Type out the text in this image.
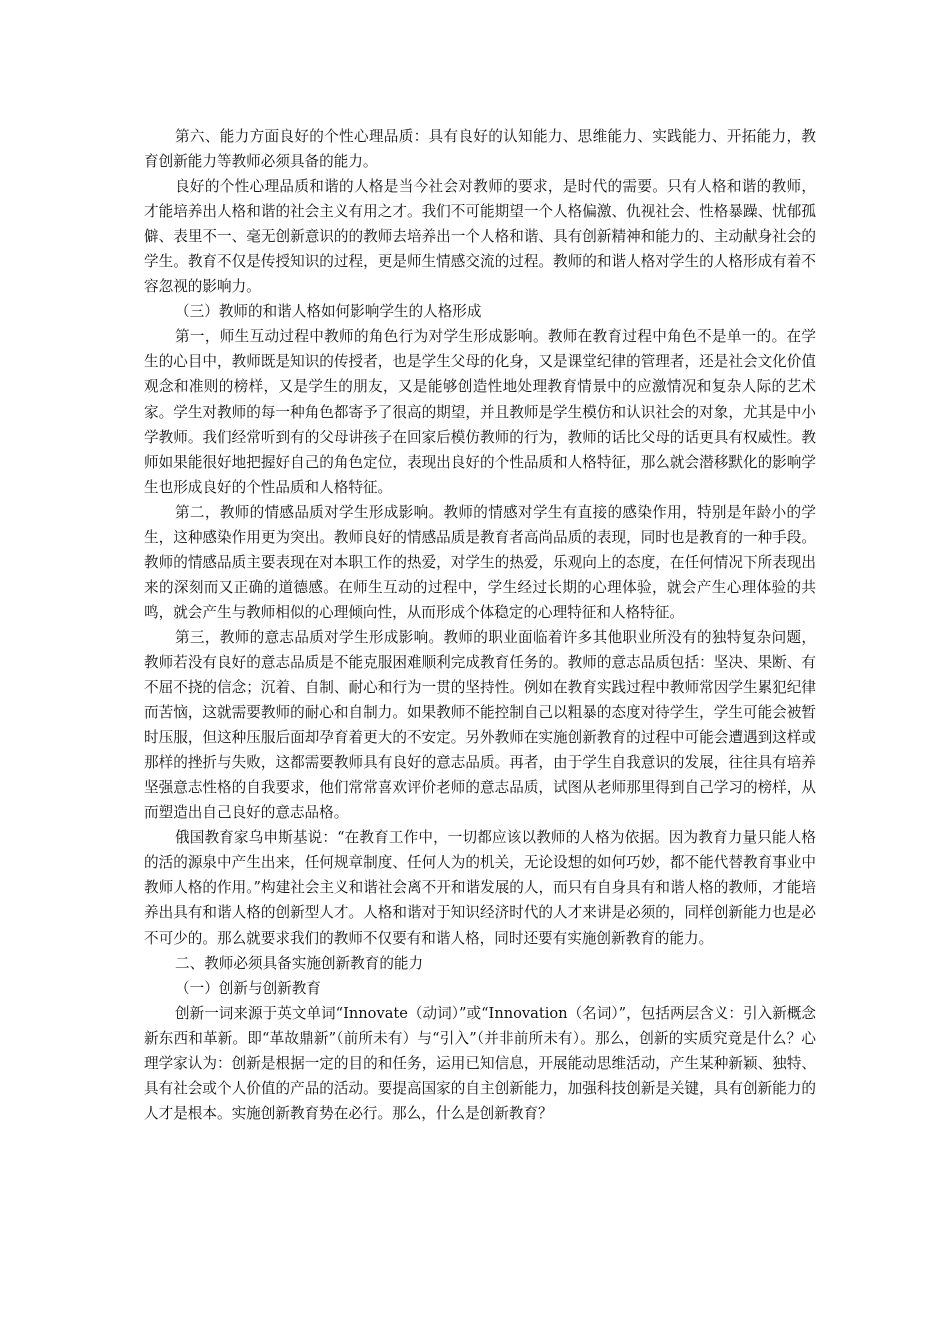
第六、能力方面良好的个性心理品质：具有良好的认知能力、思维能力、实践能力、开拓能力，教育创新能力等教师必须具备的能力。

良好的个性心理品质和谐的人格是当今社会对教师的要求，是时代的需要。只有人格和谐的教师，才能培养出人格和谐的社会主义有用之才。我们不可能期望一个人格偏激、仇视社会、性格暴躁、忧郁孤僻、表里不一、毫无创新意识的的教师去培养出一个人格和谐、具有创新精神和能力的、主动献身社会的学生。教育不仅是传授知识的过程，更是师生情感交流的过程。教师的和谐人格对学生的人格形成有着不容忽视的影响力。

（三）教师的和谐人格如何影响学生的人格形成

第一，师生互动过程中教师的角色行为对学生形成影响。教师在教育过程中角色不是单一的。在学生的心目中，教师既是知识的传授者，也是学生父母的化身，又是课堂纪律的管理者，还是社会文化价值观念和准则的榜样，又是学生的朋友，又是能够创造性地处理教育情景中的应激情况和复杂人际的艺术家。学生对教师的每一种角色都寄予了很高的期望，并且教师是学生模仿和认识社会的对象，尤其是中小学教师。我们经常听到有的父母讲孩子在回家后模仿教师的行为，教师的话比父母的话更具有权威性。教师如果能很好地把握好自己的角色定位，表现出良好的个性品质和人格特征，那么就会潜移默化的影响学生也形成良好的个性品质和人格特征。

第二，教师的情感品质对学生形成影响。教师的情感对学生有直接的感染作用，特别是年龄小的学生，这种感染作用更为突出。教师良好的情感品质是教育者高尚品质的表现，同时也是教育的一种手段。教师的情感品质主要表现在对本职工作的热爱，对学生的热爱，乐观向上的态度，在任何情况下所表现出来的深刻而又正确的道德感。在师生互动的过程中，学生经过长期的心理体验，就会产生心理体验的共鸣，就会产生与教师相似的心理倾向性，从而形成个体稳定的心理特征和人格特征。

第三，教师的意志品质对学生形成影响。教师的职业面临着许多其他职业所没有的独特复杂问题，教师若没有良好的意志品质是不能克服困难顺利完成教育任务的。教师的意志品质包括：坚决、果断、有不屈不挠的信念；沉着、自制、耐心和行为一贯的坚持性。例如在教育实践过程中教师常因学生累犯纪律而苦恼，这就需要教师的耐心和自制力。如果教师不能控制自己以粗暴的态度对待学生，学生可能会被暂时压服，但这种压服后面却孕育着更大的不安定。另外教师在实施创新教育的过程中可能会遭遇到这样或那样的挫折与失败，这都需要教师具有良好的意志品质。再者，由于学生自我意识的发展，往往具有培养坚强意志性格的自我要求，他们常常喜欢评价老师的意志品质，试图从老师那里得到自己学习的榜样，从而塑造出自己良好的意志品格。

俄国教育家乌申斯基说：“在教育工作中，一切都应该以教师的人格为依据。因为教育力量只能人格的活的源泉中产生出来，任何规章制度、任何人为的机关，无论设想的如何巧妙，都不能代替教育事业中教师人格的作用。”构建社会主义和谐社会离不开和谐发展的人，而只有自身具有和谐人格的教师，才能培养出具有和谐人格的创新型人才。人格和谐对于知识经济时代的人才来讲是必须的，同样创新能力也是必不可少的。那么就要求我们的教师不仅要有和谐人格，同时还要有实施创新教育的能力。

二、教师必须具备实施创新教育的能力

（一）创新与创新教育

创新一词来源于英文单词“Innovate（动词）”或“Innovation（名词）”，包括两层含义：引入新概念新东西和革新。即“革故鼎新”（前所未有）与“引入”（并非前所未有）。那么，创新的实质究竟是什么？心理学家认为：创新是根据一定的目的和任务，运用已知信息，开展能动思维活动，产生某种新颖、独特、具有社会或个人价值的产品的活动。要提高国家的自主创新能力，加强科技创新是关键，具有创新能力的人才是根本。实施创新教育势在必行。那么，什么是创新教育？
